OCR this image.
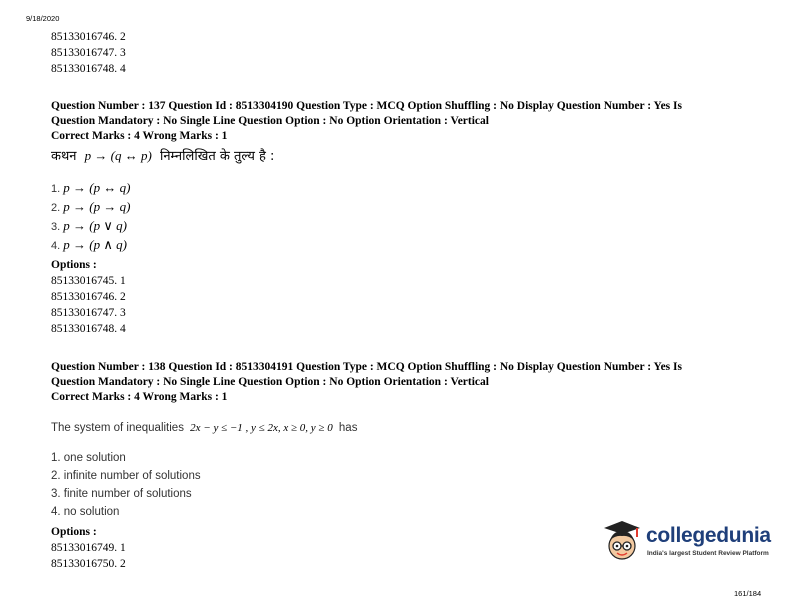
9/18/2020
85133016746. 2
85133016747. 3
85133016748. 4
Question Number : 137 Question Id : 8513304190 Question Type : MCQ Option Shuffling : No Display Question Number : Yes Is
Question Mandatory : No Single Line Question Option : No Option Orientation : Vertical
Correct Marks : 4 Wrong Marks : 1
कथन p → (q ↔ p) निम्नलिखित के तुल्य है :
1. p → (p ↔ q)
2. p → (p → q)
3. p → (p ∨ q)
4. p → (p ∧ q)
Options :
85133016745. 1
85133016746. 2
85133016747. 3
85133016748. 4
Question Number : 138 Question Id : 8513304191 Question Type : MCQ Option Shuffling : No Display Question Number : Yes Is
Question Mandatory : No Single Line Question Option : No Option Orientation : Vertical
Correct Marks : 4 Wrong Marks : 1
The system of inequalities 2x − y ≤ −1 , y ≤ 2x, x ≥ 0, y ≥ 0 has
1. one solution
2. infinite number of solutions
3. finite number of solutions
4. no solution
Options :
85133016749. 1
85133016750. 2
collegedunia
India's largest Student Review Platform
161/184
